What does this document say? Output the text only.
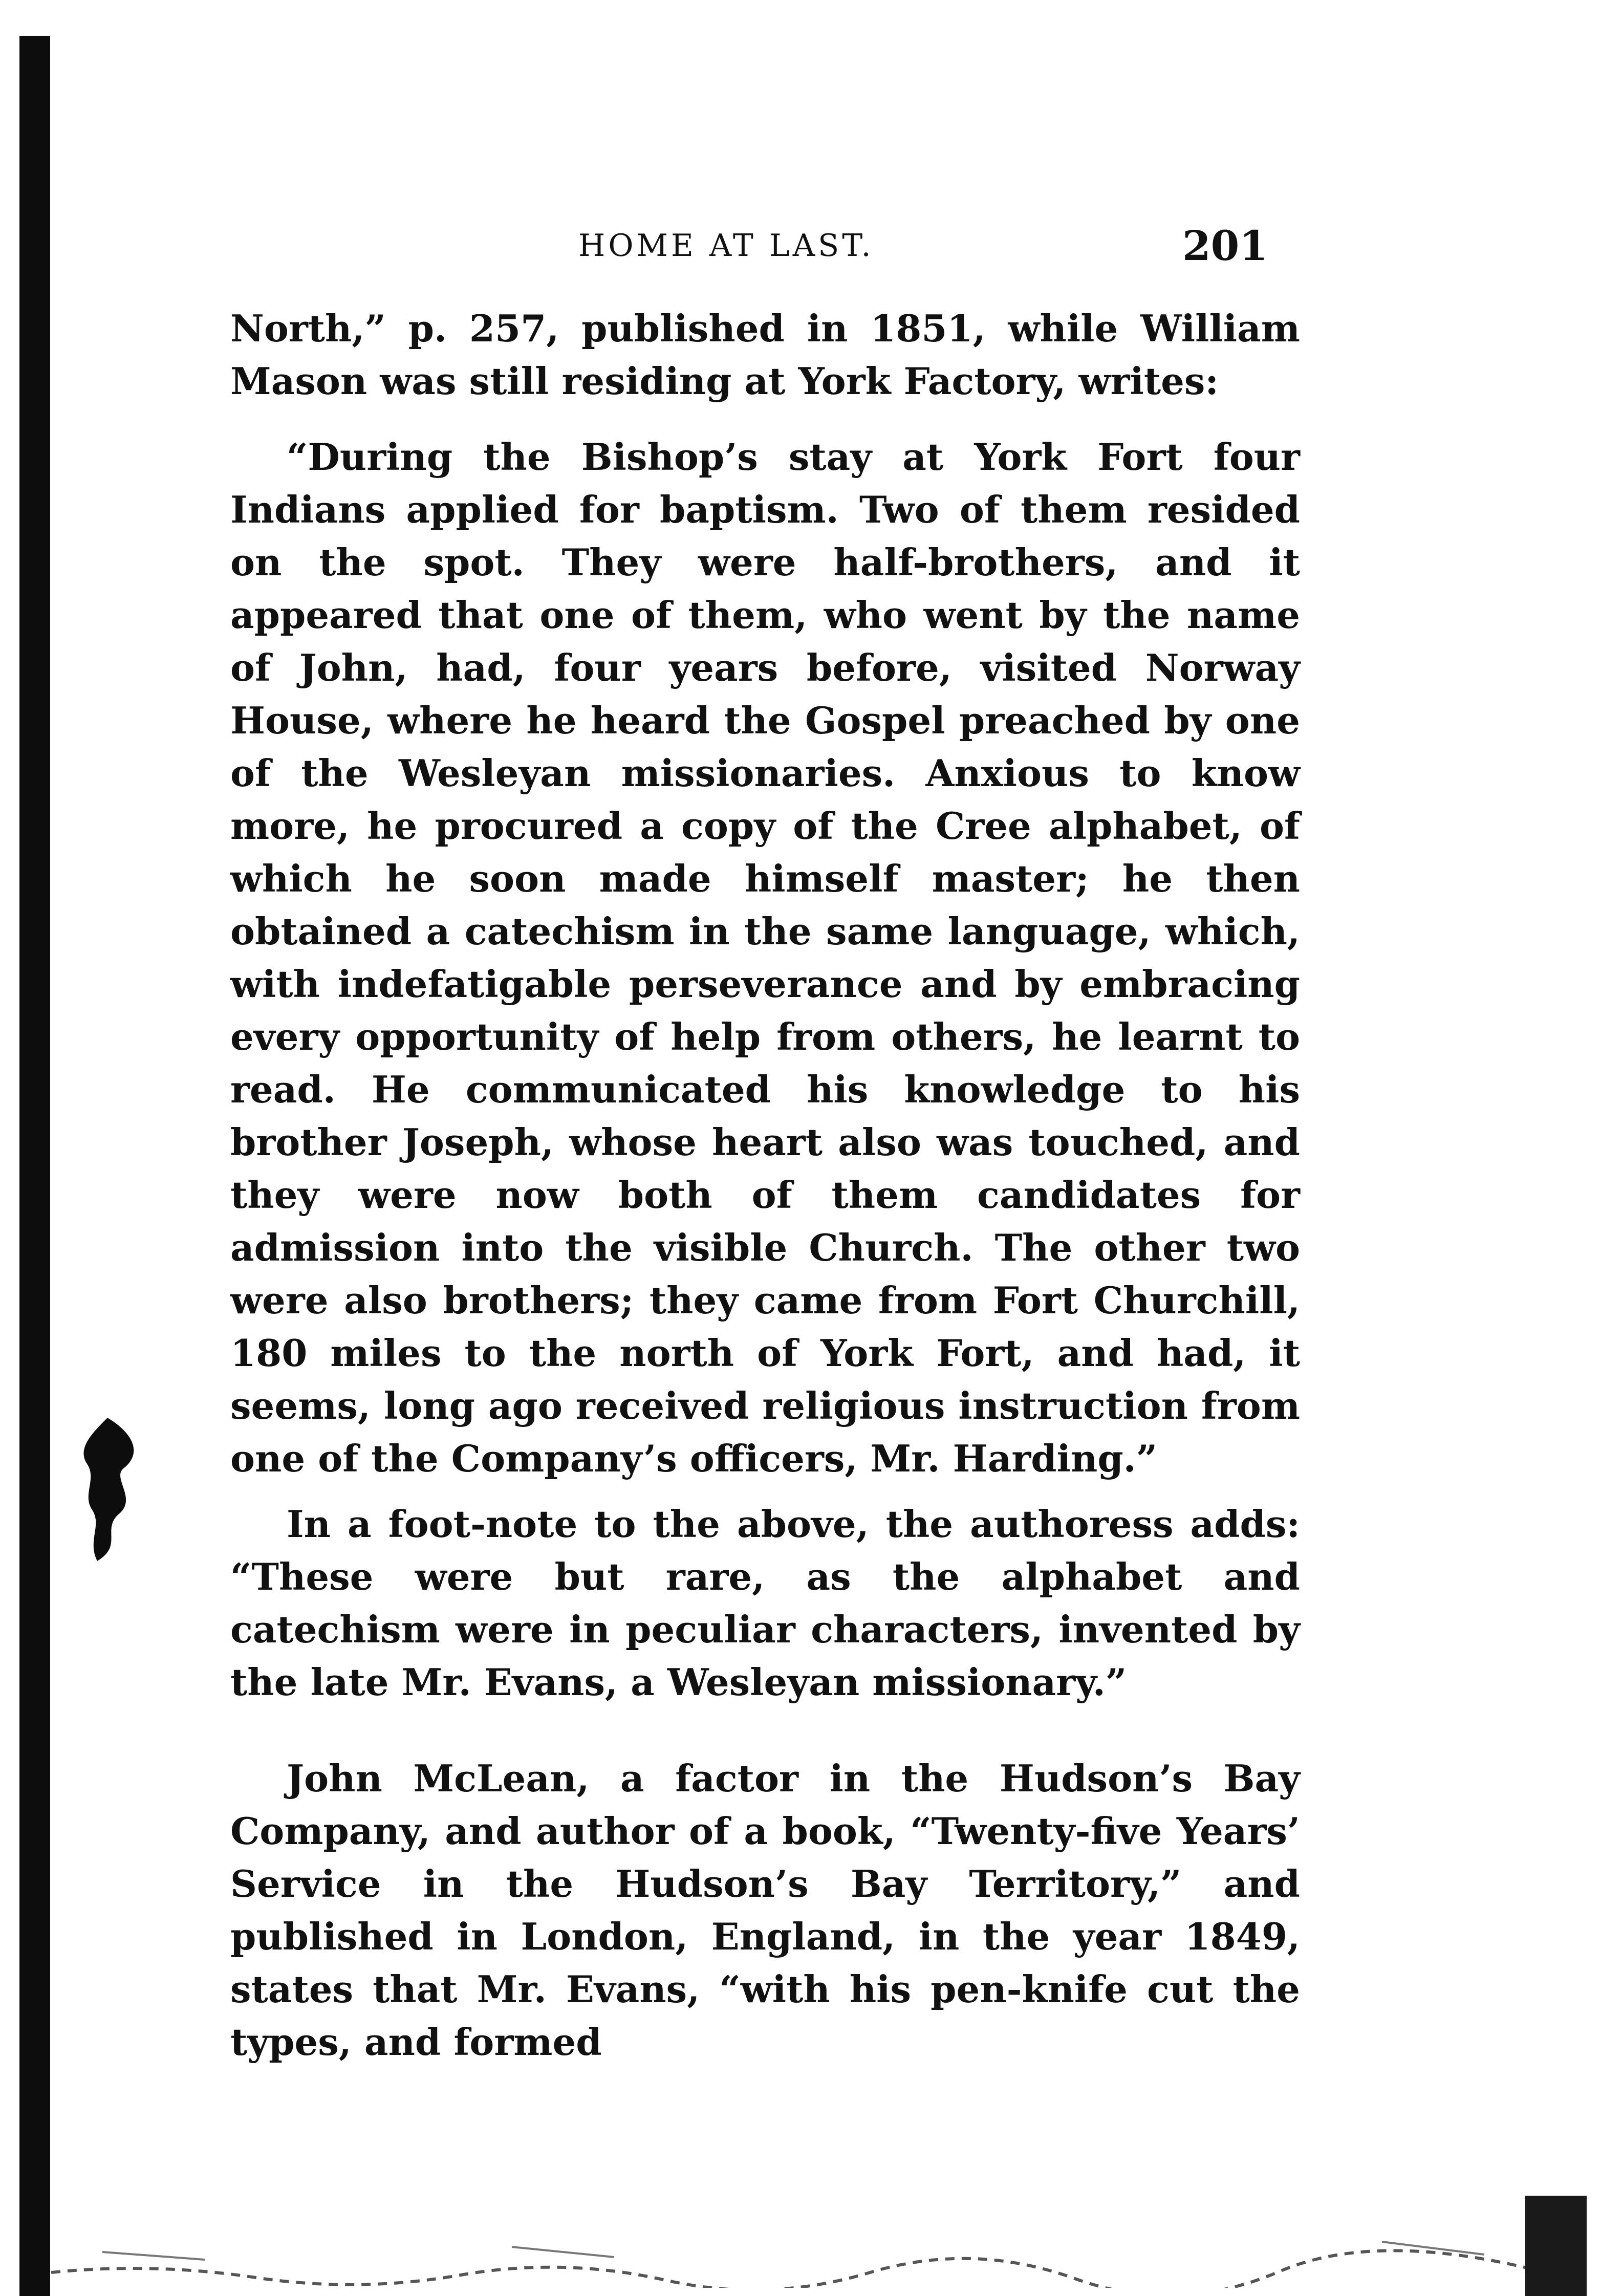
HOME AT LAST.	201

North,” p. 257, published in 1851, while William Mason was still residing at York Factory, writes:

“During the Bishop’s stay at York Fort four Indians applied for baptism. Two of them resided on the spot. They were half-brothers, and it appeared that one of them, who went by the name of John, had, four years before, visited Norway House, where he heard the Gospel preached by one of the Wesleyan missionaries. Anxious to know more, he procured a copy of the Cree alphabet, of which he soon made himself master; he then obtained a catechism in the same language, which, with indefatigable perseverance and by embracing every opportunity of help from others, he learnt to read. He communicated his knowledge to his brother Joseph, whose heart also was touched, and they were now both of them candidates for admission into the visible Church. The other two were also brothers; they came from Fort Churchill, 180 miles to the north of York Fort, and had, it seems, long ago received religious instruction from one of the Company’s officers, Mr. Harding.”

In a foot-note to the above, the authoress adds: “These were but rare, as the alphabet and catechism were in peculiar characters, invented by the late Mr. Evans, a Wesleyan missionary.”

John McLean, a factor in the Hudson’s Bay Company, and author of a book, “Twenty-five Years’ Service in the Hudson’s Bay Territory,” and published in London, England, in the year 1849, states that Mr. Evans, “with his pen-knife cut the types, and formed
